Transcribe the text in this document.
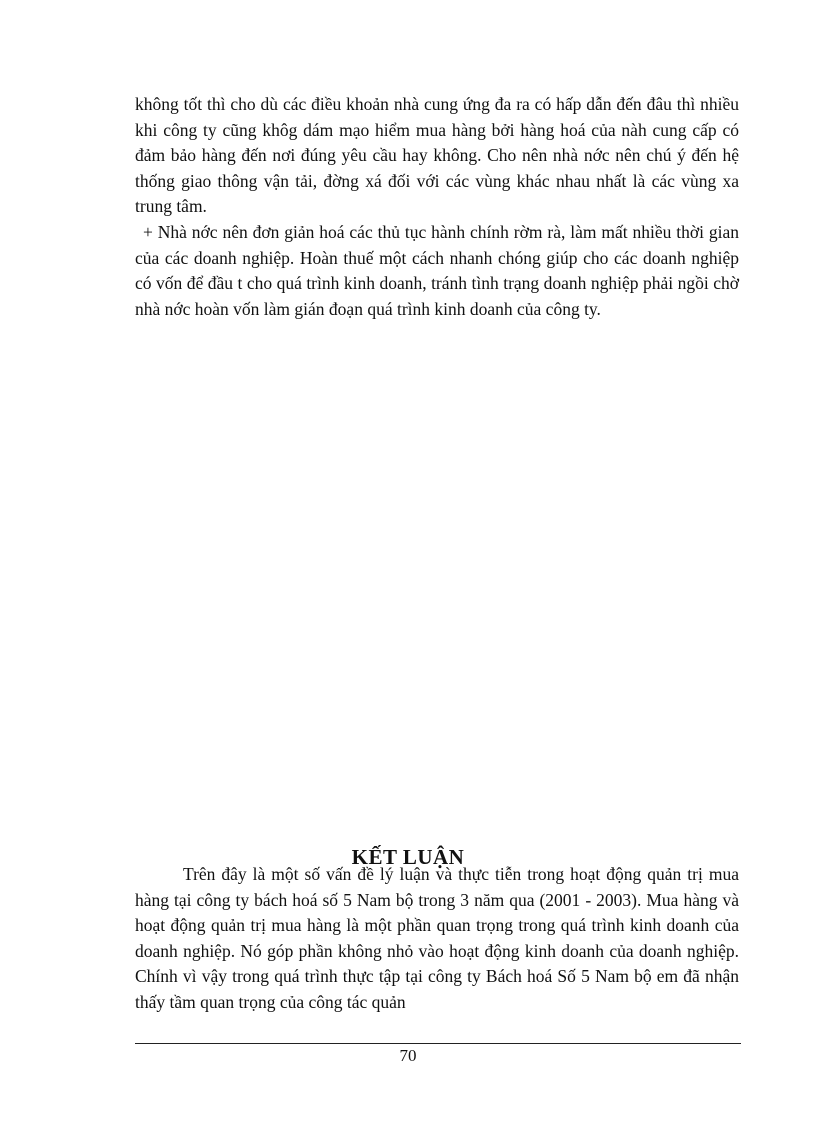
không tốt thì cho dù các điều khoản nhà cung ứng đa ra có hấp dẫn đến đâu thì nhiều khi công ty cũng khôg dám mạo hiểm mua hàng bởi hàng hoá của nàh cung cấp có đảm bảo hàng đến nơi đúng yêu cầu hay không. Cho nên nhà nớc nên chú ý đến hệ thống giao thông vận tải, đờng xá đối với các vùng khác nhau nhất là các vùng xa trung tâm.

+ Nhà nớc nên đơn giản hoá các thủ tục hành chính rờm rà, làm mất nhiều thời gian của các doanh nghiệp. Hoàn thuế một cách nhanh chóng giúp cho các doanh nghiệp có vốn để đầu t cho quá trình kinh doanh, tránh tình trạng doanh nghiệp phải ngồi chờ nhà nớc hoàn vốn làm gián đoạn quá trình kinh doanh của công ty.

Trên đây là một số vấn đề lý luận và thực tiễn trong hoạt động quản trị mua hàng tại công ty bách hoá số 5 Nam bộ trong 3 năm qua (2001 - 2003). Mua hàng và hoạt động quản trị mua hàng là một phần quan trọng trong quá trình kinh doanh của doanh nghiệp. Nó góp phần không nhỏ vào hoạt động kinh doanh của doanh nghiệp. Chính vì vậy trong quá trình thực tập tại công ty Bách hoá Số 5 Nam bộ em đã nhận thấy tầm quan trọng của công tác quản

KẾT LUẬN
70
